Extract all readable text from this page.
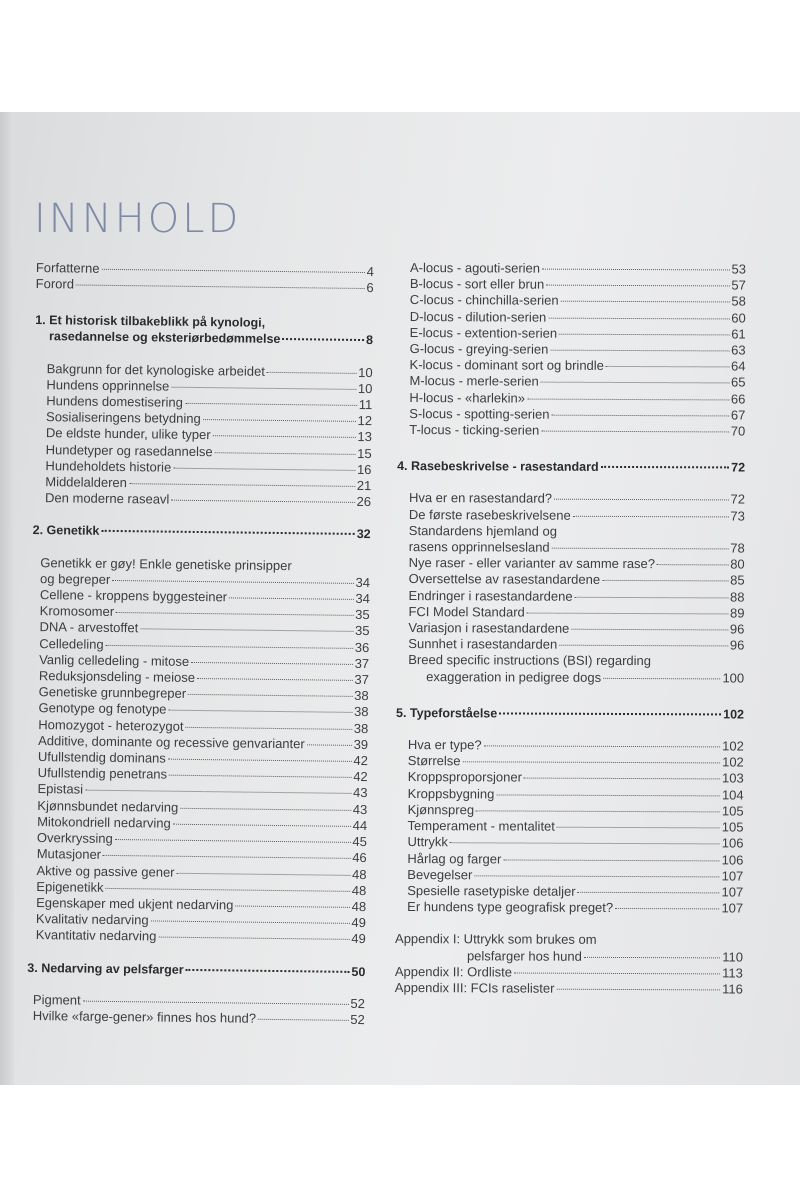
INNHOLD
Forfatterne	4
Forord	6
1. Et historisk tilbakeblikk på kynologi,
rasedannelse og eksteriørbedømmelse	8
Bakgrunn for det kynologiske arbeidet	10
Hundens opprinnelse	10
Hundens domestisering	11
Sosialiseringens betydning	12
De eldste hunder, ulike typer	13
Hundetyper og rasedannelse	15
Hundeholdets historie	16
Middelalderen	21
Den moderne raseavl	26
2. Genetikk	32
Genetikk er gøy! Enkle genetiske prinsipper
og begreper	34
Cellene - kroppens byggesteiner	34
Kromosomer	35
DNA - arvestoffet	35
Celledeling	36
Vanlig celledeling - mitose	37
Reduksjonsdeling - meiose	37
Genetiske grunnbegreper	38
Genotype og fenotype	38
Homozygot - heterozygot	38
Additive, dominante og recessive genvarianter	39
Ufullstendig dominans	42
Ufullstendig penetrans	42
Epistasi	43
Kjønnsbundet nedarving	43
Mitokondriell nedarving	44
Overkryssing	45
Mutasjoner	46
Aktive og passive gener	48
Epigenetikk	48
Egenskaper med ukjent nedarving	48
Kvalitativ nedarving	49
Kvantitativ nedarving	49
3. Nedarving av pelsfarger	50
Pigment	52
Hvilke «farge-gener» finnes hos hund?	52
A-locus - agouti-serien	53
B-locus - sort eller brun	57
C-locus - chinchilla-serien	58
D-locus - dilution-serien	60
E-locus - extention-serien	61
G-locus - greying-serien	63
K-locus - dominant sort og brindle	64
M-locus - merle-serien	65
H-locus - «harlekin»	66
S-locus - spotting-serien	67
T-locus - ticking-serien	70
4. Rasebeskrivelse - rasestandard	72
Hva er en rasestandard?	72
De første rasebeskrivelsene	73
Standardens hjemland og
rasens opprinnelsesland	78
Nye raser - eller varianter av samme rase?	80
Oversettelse av rasestandardene	85
Endringer i rasestandardene	88
FCI Model Standard	89
Variasjon i rasestandardene	96
Sunnhet i rasestandarden	96
Breed specific instructions (BSI) regarding
exaggeration in pedigree dogs	100
5. Typeforståelse	102
Hva er type?	102
Størrelse	102
Kroppsproporsjoner	103
Kroppsbygning	104
Kjønnspreg	105
Temperament - mentalitet	105
Uttrykk	106
Hårlag og farger	106
Bevegelser	107
Spesielle rasetypiske detaljer	107
Er hundens type geografisk preget?	107
Appendix I: Uttrykk som brukes om
pelsfarger hos hund	110
Appendix II: Ordliste	113
Appendix III: FCIs raselister	116
